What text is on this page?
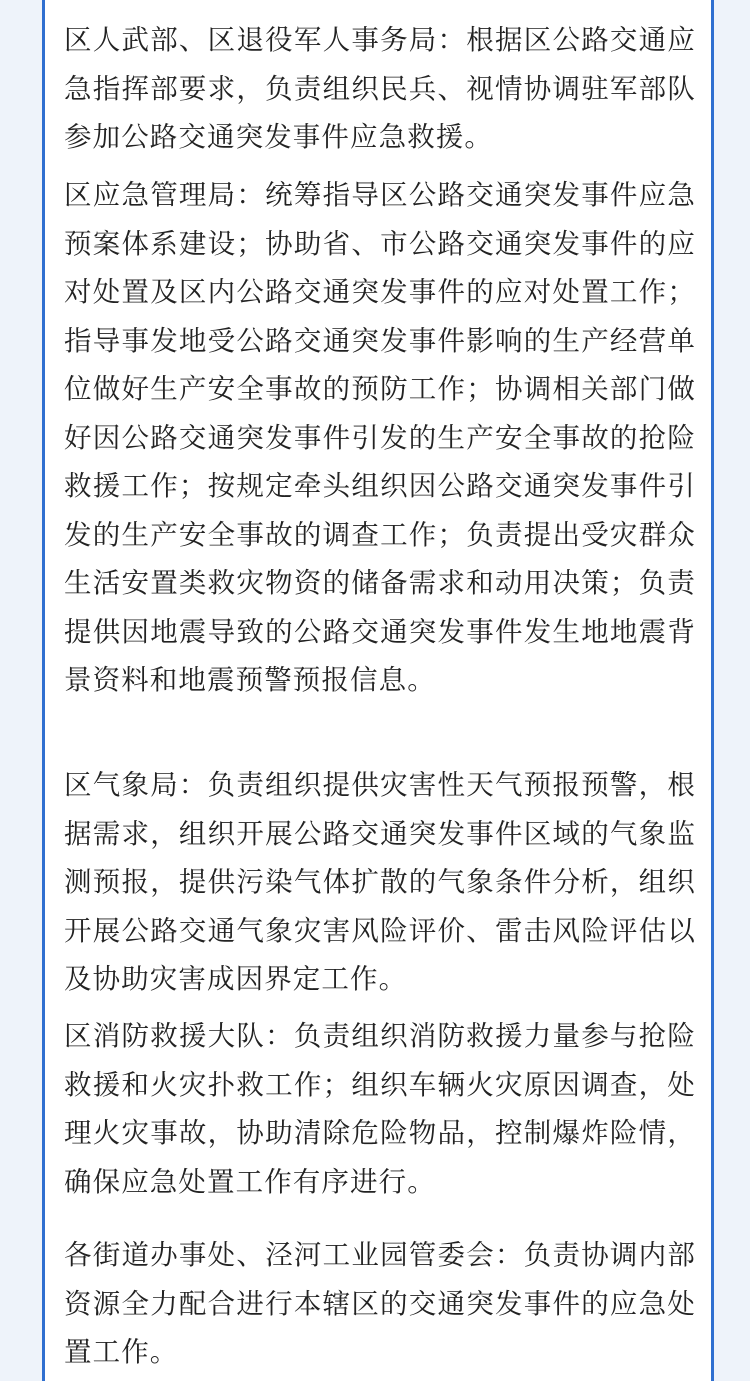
区人武部、区退役军人事务局：根据区公路交通应急指挥部要求，负责组织民兵、视情协调驻军部队参加公路交通突发事件应急救援。

区应急管理局：统筹指导区公路交通突发事件应急预案体系建设；协助省、市公路交通突发事件的应对处置及区内公路交通突发事件的应对处置工作；指导事发地受公路交通突发事件影响的生产经营单位做好生产安全事故的预防工作；协调相关部门做好因公路交通突发事件引发的生产安全事故的抢险救援工作；按规定牵头组织因公路交通突发事件引发的生产安全事故的调查工作；负责提出受灾群众生活安置类救灾物资的储备需求和动用决策；负责提供因地震导致的公路交通突发事件发生地地震背景资料和地震预警预报信息。

区气象局：负责组织提供灾害性天气预报预警，根据需求，组织开展公路交通突发事件区域的气象监测预报，提供污染气体扩散的气象条件分析，组织开展公路交通气象灾害风险评价、雷击风险评估以及协助灾害成因界定工作。

区消防救援大队：负责组织消防救援力量参与抢险救援和火灾扑救工作；组织车辆火灾原因调查，处理火灾事故，协助清除危险物品，控制爆炸险情，确保应急处置工作有序进行。

各街道办事处、泾河工业园管委会：负责协调内部资源全力配合进行本辖区的交通突发事件的应急处置工作。
